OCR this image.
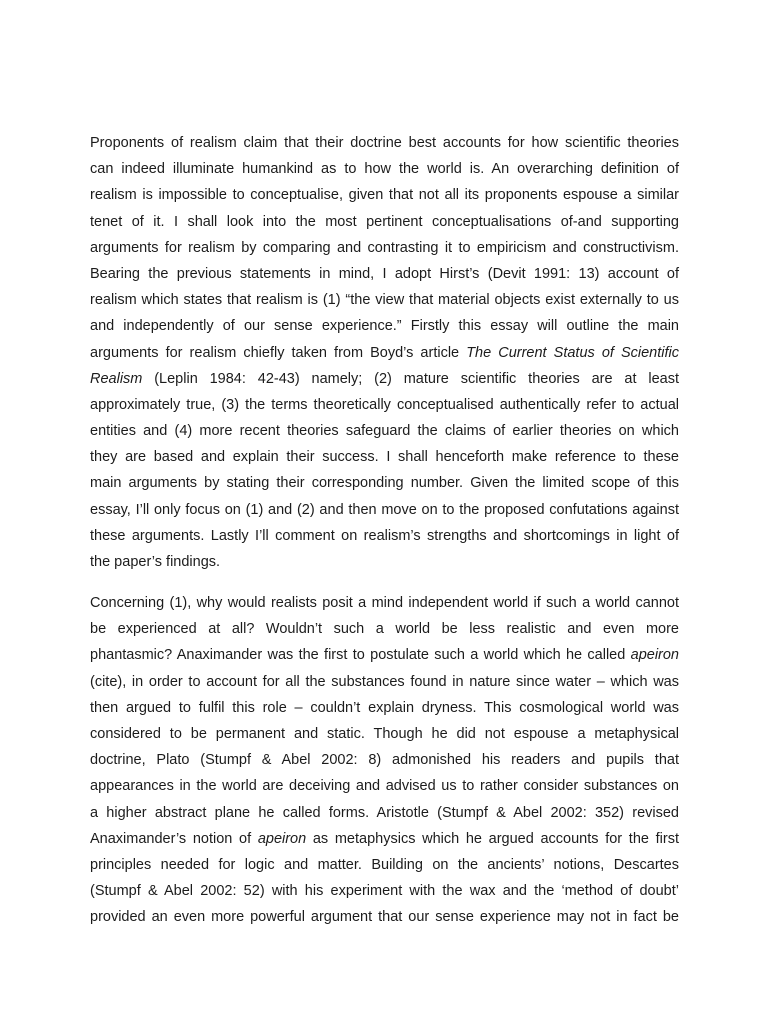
Proponents of realism claim that their doctrine best accounts for how scientific theories
can indeed illuminate humankind as to how the world is. An overarching definition of
realism is impossible to conceptualise, given that not all its proponents espouse a similar
tenet of it. I shall look into the most pertinent conceptualisations of-and supporting
arguments for realism by comparing and contrasting it to empiricism and constructivism.
Bearing the previous statements in mind, I adopt Hirst’s (Devit 1991: 13) account of
realism which states that realism is (1) “the view that material objects exist externally to us
and independently of our sense experience.” Firstly this essay will outline the main
arguments for realism chiefly taken from Boyd’s article The Current Status of Scientific
Realism (Leplin 1984: 42-43) namely; (2) mature scientific theories are at least
approximately true, (3) the terms theoretically conceptualised authentically refer to actual
entities and (4) more recent theories safeguard the claims of earlier theories on which
they are based and explain their success. I shall henceforth make reference to these
main arguments by stating their corresponding number. Given the limited scope of this
essay, I’ll only focus on (1) and (2) and then move on to the proposed confutations against
these arguments. Lastly I’ll comment on realism’s strengths and shortcomings in light of
the paper’s findings.
Concerning (1), why would realists posit a mind independent world if such a world cannot
be experienced at all? Wouldn’t such a world be less realistic and even more
phantasmic? Anaximander was the first to postulate such a world which he called apeiron
(cite), in order to account for all the substances found in nature since water – which was
then argued to fulfil this role – couldn’t explain dryness. This cosmological world was
considered to be permanent and static. Though he did not espouse a metaphysical
doctrine, Plato (Stumpf & Abel 2002: 8) admonished his readers and pupils that
appearances in the world are deceiving and advised us to rather consider substances on
a higher abstract plane he called forms. Aristotle (Stumpf & Abel 2002: 352) revised
Anaximander’s notion of apeiron as metaphysics which he argued accounts for the first
principles needed for logic and matter. Building on the ancients’ notions, Descartes
(Stumpf & Abel 2002: 52) with his experiment with the wax and the ‘method of doubt’
provided an even more powerful argument that our sense experience may not in fact be
